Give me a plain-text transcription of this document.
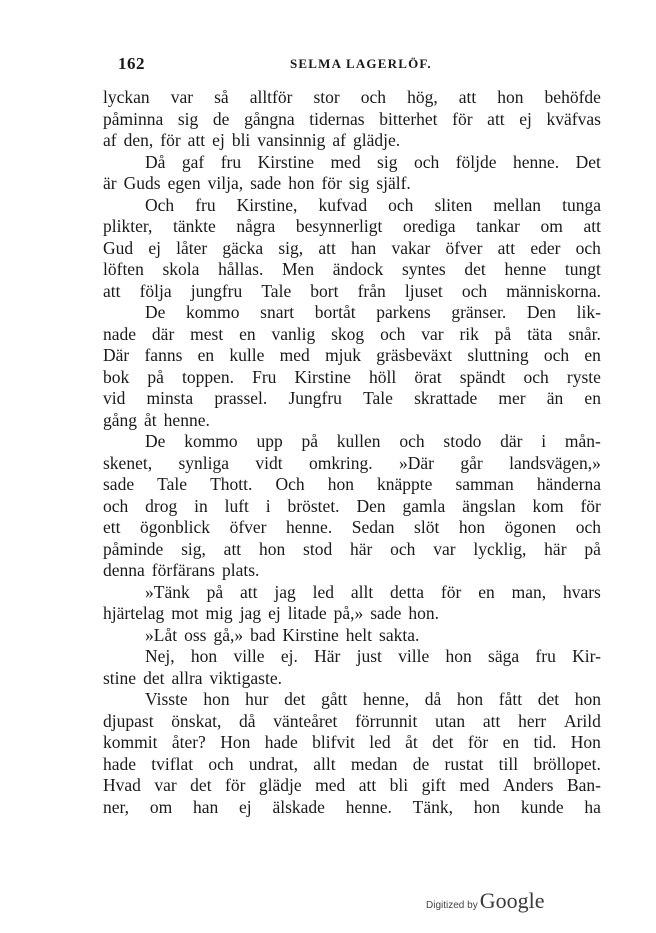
162	SELMA LAGERLÖF.
lyckan var så alltför stor och hög, att hon behöfde
påminna sig de gångna tidernas bitterhet för att ej kväfvas
af den, för att ej bli vansinnig af glädje.
Då gaf fru Kirstine med sig och följde henne. Det
är Guds egen vilja, sade hon för sig själf.
Och fru Kirstine, kufvad och sliten mellan tunga
plikter, tänkte några besynnerligt orediga tankar om att
Gud ej låter gäcka sig, att han vakar öfver att eder och
löften skola hållas. Men ändock syntes det henne tungt
att följa jungfru Tale bort från ljuset och människorna.
De kommo snart bortåt parkens gränser. Den lik-
nade där mest en vanlig skog och var rik på täta snår.
Där fanns en kulle med mjuk gräsbeväxt sluttning och en
bok på toppen. Fru Kirstine höll örat spändt och ryste
vid minsta prassel. Jungfru Tale skrattade mer än en
gång åt henne.
De kommo upp på kullen och stodo där i mån-
skenet, synliga vidt omkring. »Där går landsvägen,»
sade Tale Thott. Och hon knäppte samman händerna
och drog in luft i bröstet. Den gamla ängslan kom för
ett ögonblick öfver henne. Sedan slöt hon ögonen och
påminde sig, att hon stod här och var lycklig, här på
denna förfärans plats.
»Tänk på att jag led allt detta för en man, hvars
hjärtelag mot mig jag ej litade på,» sade hon.
»Låt oss gå,» bad Kirstine helt sakta.
Nej, hon ville ej. Här just ville hon säga fru Kir-
stine det allra viktigaste.
Visste hon hur det gått henne, då hon fått det hon
djupast önskat, då vänteåret förrunnit utan att herr Arild
kommit åter? Hon hade blifvit led åt det för en tid. Hon
hade tviflat och undrat, allt medan de rustat till bröllopet.
Hvad var det för glädje med att bli gift med Anders Ban-
ner, om han ej älskade henne. Tänk, hon kunde ha
Digitized by Google
